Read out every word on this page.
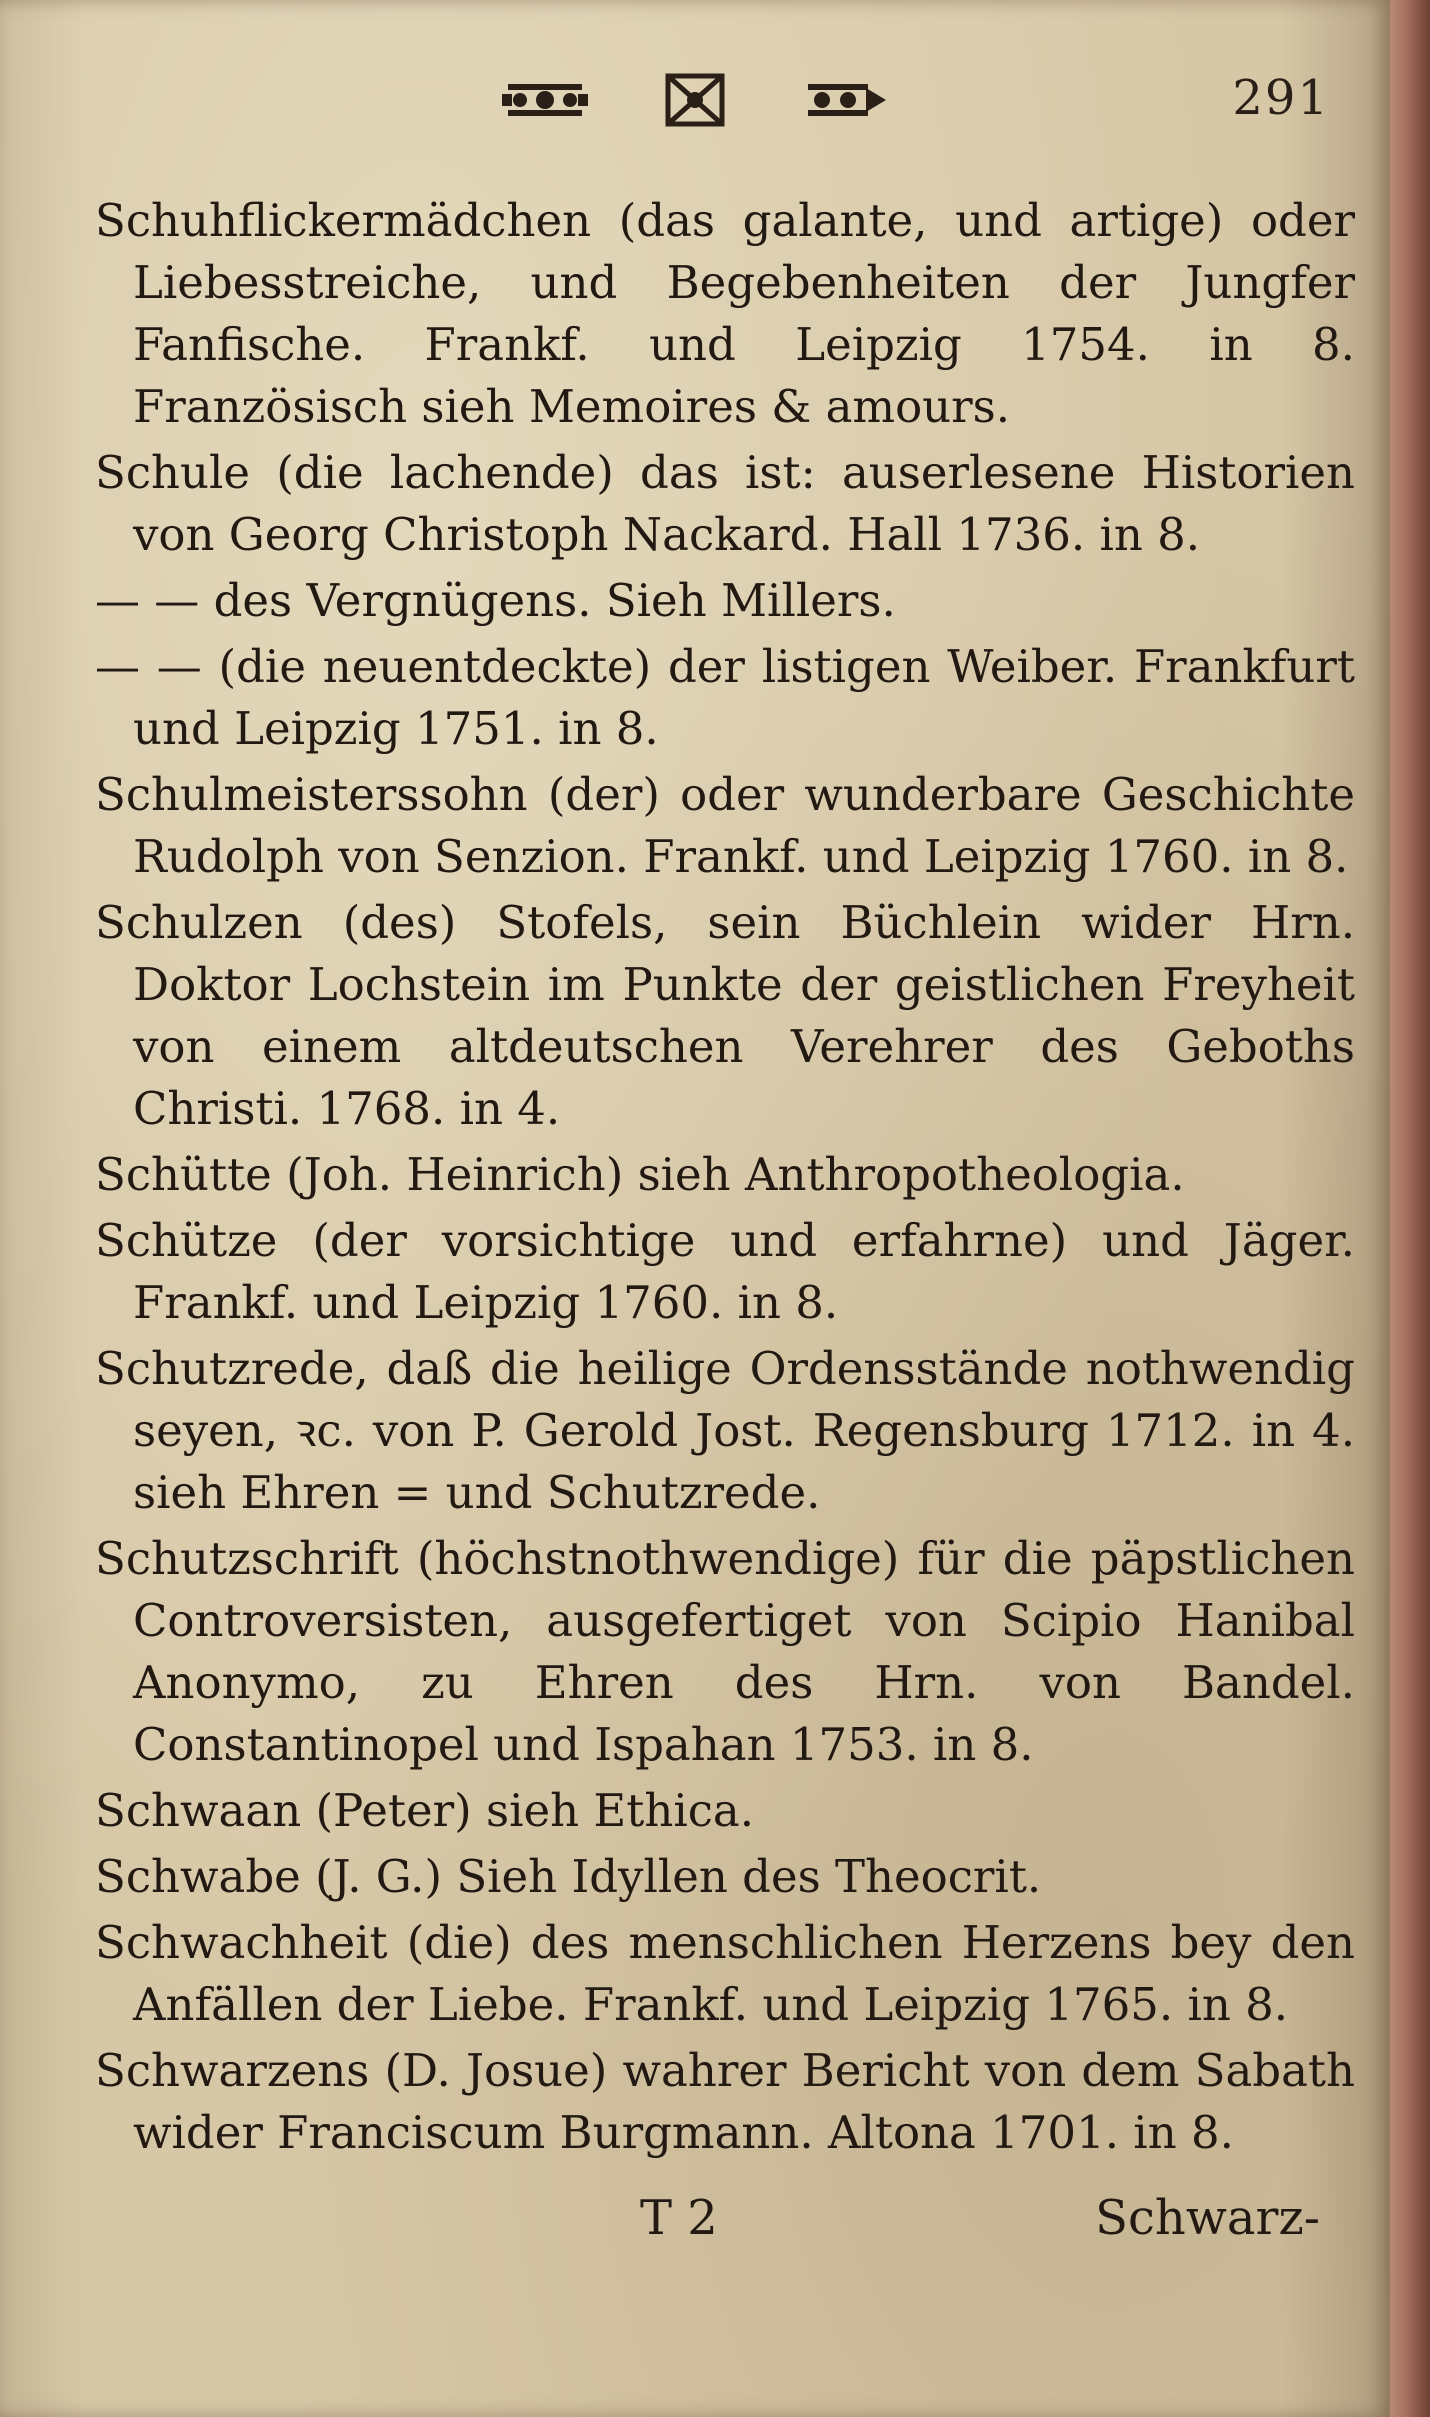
291

Schuhflickermädchen (das galante, und artige) oder Liebesstreiche, und Begebenheiten der Jungfer Fanfische. Frankf. und Leipzig 1754. in 8. Französisch sieh Memoires & amours.

Schule (die lachende) das ist: auserlesene Historien von Georg Christoph Nackard. Hall 1736. in 8.

— — des Vergnügens. Sieh Millers.

— — (die neuentdeckte) der listigen Weiber. Frankfurt und Leipzig 1751. in 8.

Schulmeisterssohn (der) oder wunderbare Geschichte Rudolph von Senzion. Frankf. und Leipzig 1760. in 8.

Schulzen (des) Stofels, sein Büchlein wider Hrn. Doktor Lochstein im Punkte der geistlichen Freyheit von einem altdeutschen Verehrer des Geboths Christi. 1768. in 4.

Schütte (Joh. Heinrich) sieh Anthropotheologia.

Schütze (der vorsichtige und erfahrne) und Jäger. Frankf. und Leipzig 1760. in 8.

Schutzrede, daß die heilige Ordensstände nothwendig seyen, ꝛc. von P. Gerold Jost. Regensburg 1712. in 4. sieh Ehren = und Schutzrede.

Schutzschrift (höchstnothwendige) für die päpstlichen Controversisten, ausgefertiget von Scipio Hanibal Anonymo, zu Ehren des Hrn. von Bandel. Constantinopel und Ispahan 1753. in 8.

Schwaan (Peter) sieh Ethica.

Schwabe (J. G.) Sieh Idyllen des Theocrit.

Schwachheit (die) des menschlichen Herzens bey den Anfällen der Liebe. Frankf. und Leipzig 1765. in 8.

Schwarzens (D. Josue) wahrer Bericht von dem Sabath wider Franciscum Burgmann. Altona 1701. in 8.

T 2	Schwarz-
